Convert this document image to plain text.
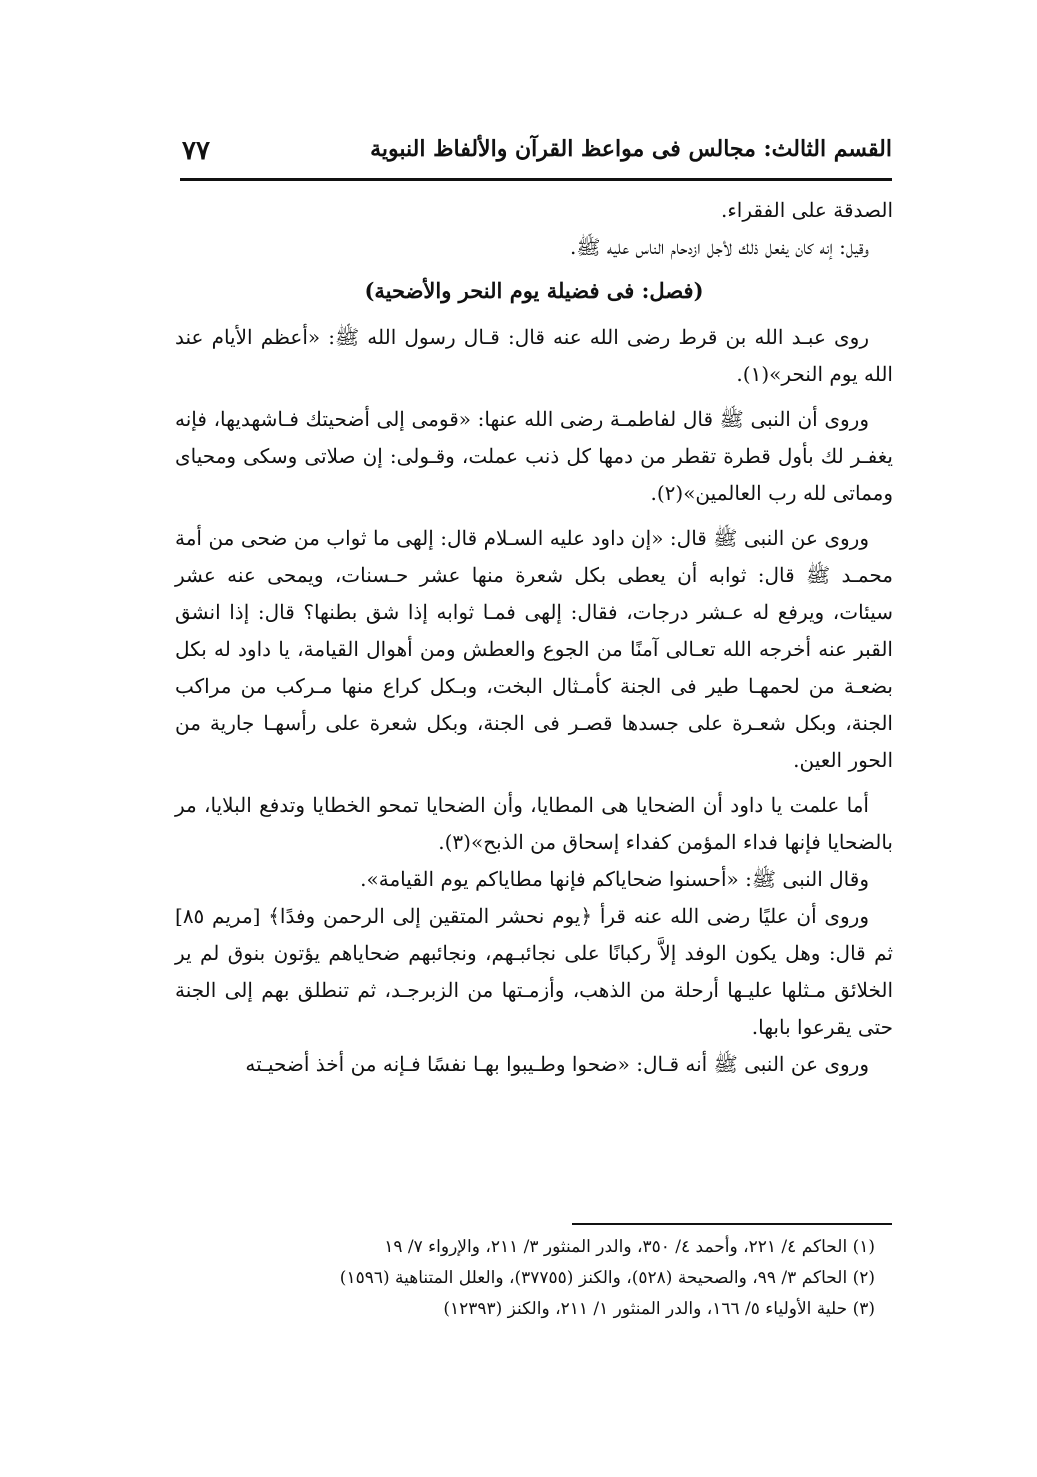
القسم الثالث: مجالس فى مواعظ القرآن والألفاظ النبوية
٧٧

الصدقة على الفقراء.

وقيل: إنه كان يفعل ذلك لأجل ازدحام الناس عليه ﷺ.

(فصل: فى فضيلة يوم النحر والأضحية)

روى عبـد الله بن قرط رضى الله عنه قال: قـال رسول الله ﷺ: «أعظم الأيام عند الله يوم النحر»(١).

وروى أن النبى ﷺ قال لفاطمـة رضى الله عنها: «قومى إلى أضحيتك فـاشهديها، فإنه يغفـر لك بأول قطرة تقطر من دمها كل ذنب عملت، وقـولى: إن صلاتى وسكى ومحياى ومماتى لله رب العالمين»(٢).

وروى عن النبى ﷺ قال: «إن داود عليه السـلام قال: إلهى ما ثواب من ضحى من أمة محمـد ﷺ قال: ثوابه أن يعطى بكل شعرة منها عشر حـسنات، ويمحى عنه عشر سيئات، ويرفع له عـشر درجات، فقال: إلهى فمـا ثوابه إذا شق بطنها؟ قال: إذا انشق القبر عنه أخرجه الله تعـالى آمنًا من الجوع والعطش ومن أهوال القيامة، يا داود له بكل بضعـة من لحمهـا طير فى الجنة كأمـثال البخت، وبـكل كراع منها مـركب من مراكب الجنة، وبكل شعـرة على جسدها قصـر فى الجنة، وبكل شعرة على رأسهـا جارية من الحور العين.

أما علمت يا داود أن الضحايا هى المطايا، وأن الضحايا تمحو الخطايا وتدفع البلايا، مر بالضحايا فإنها فداء المؤمن كفداء إسحاق من الذبح»(٣).

وقال النبى ﷺ: «أحسنوا ضحاياكم فإنها مطاياكم يوم القيامة».

وروى أن عليًا رضى الله عنه قرأ ﴿يوم نحشر المتقين إلى الرحمن وفدًا﴾ [مريم ٨٥] ثم قال: وهل يكون الوفد إلاَّ ركبانًا على نجائبـهم، ونجائبهم ضحاياهم يؤتون بنوق لم ير الخلائق مـثلها عليـها أرحلة من الذهب، وأزمـتها من الزبرجـد، ثم تنطلق بهم إلى الجنة حتى يقرعوا بابها.

وروى عن النبى ﷺ أنه قـال: «ضحوا وطـيبوا بهـا نفسًا فـإنه من أخذ أضحيـته

(١) الحاكم ٤/ ٢٢١، وأحمد ٤/ ٣٥٠، والدر المنثور ٣/ ٢١١، والإرواء ٧/ ١٩

(٢) الحاكم ٣/ ٩٩، والصحيحة (٥٢٨)، والكنز (٣٧٧٥٥)، والعلل المتناهية (١٥٩٦)

(٣) حلية الأولياء ٥/ ١٦٦، والدر المنثور ١/ ٢١١، والكنز (١٢٣٩٣)
